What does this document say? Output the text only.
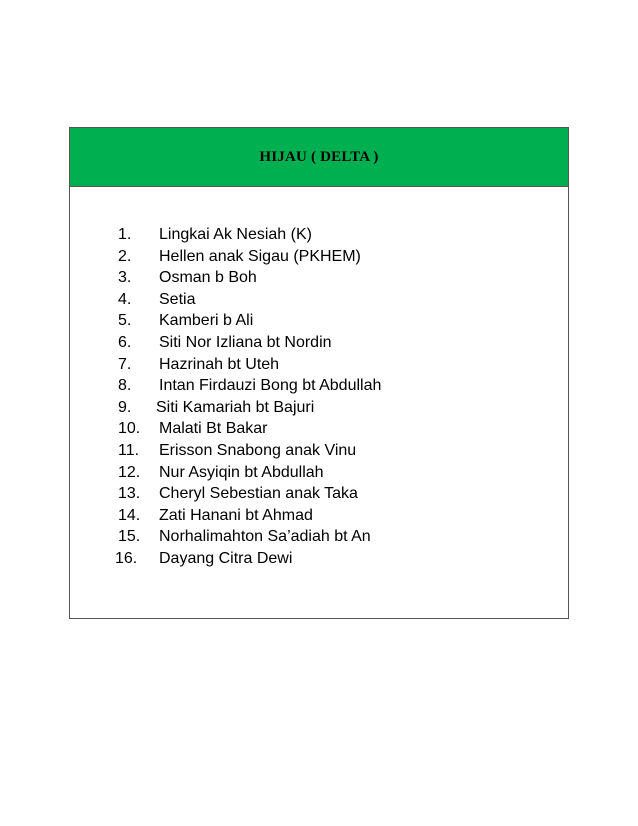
HIJAU ( DELTA )
1.	Lingkai Ak Nesiah (K)
2.	Hellen anak Sigau (PKHEM)
3.	Osman b Boh
4.	Setia
5.	Kamberi b Ali
6.	Siti Nor Izliana bt Nordin
7.	Hazrinah bt Uteh
8.	Intan Firdauzi Bong bt Abdullah
9.	Siti Kamariah bt Bajuri
10.	Malati Bt Bakar
11.	Erisson Snabong anak Vinu
12.	Nur Asyiqin bt Abdullah
13.	Cheryl Sebestian anak Taka
14.	Zati Hanani bt Ahmad
15.	Norhalimahton Sa’adiah bt An
16.	Dayang Citra Dewi
